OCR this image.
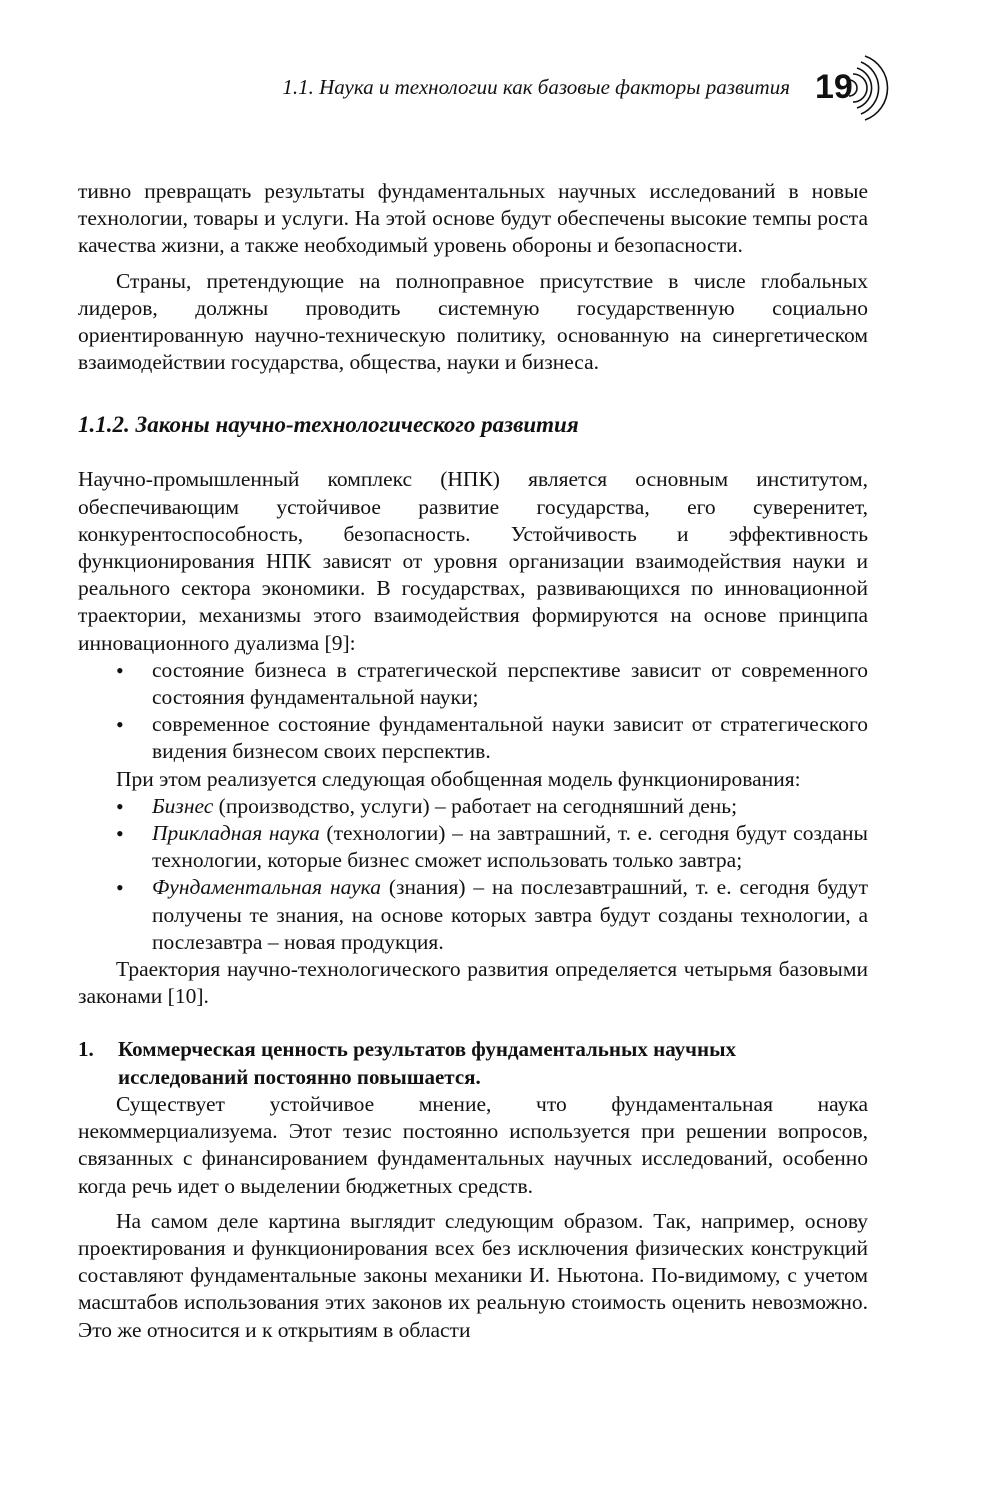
1.1. Наука и технологии как базовые факторы развития 19

тивно превращать результаты фундаментальных научных исследований в новые технологии, товары и услуги. На этой основе будут обеспечены высокие темпы роста качества жизни, а также необходимый уровень обороны и безопасности.

Страны, претендующие на полноправное присутствие в числе глобальных лидеров, должны проводить системную государственную социально ориентированную научно-техническую политику, основанную на синергетическом взаимодействии государства, общества, науки и бизнеса.

1.1.2. Законы научно-технологического развития

Научно-промышленный комплекс (НПК) является основным институтом, обеспечивающим устойчивое развитие государства, его суверенитет, конкурентоспособность, безопасность. Устойчивость и эффективность функционирования НПК зависят от уровня организации взаимодействия науки и реального сектора экономики. В государствах, развивающихся по инновационной траектории, механизмы этого взаимодействия формируются на основе принципа инновационного дуализма [9]:

• состояние бизнеса в стратегической перспективе зависит от современного состояния фундаментальной науки;
• современное состояние фундаментальной науки зависит от стратегического видения бизнесом своих перспектив.

При этом реализуется следующая обобщенная модель функционирования:

• Бизнес (производство, услуги) – работает на сегодняшний день;
• Прикладная наука (технологии) – на завтрашний, т. е. сегодня будут созданы технологии, которые бизнес сможет использовать только завтра;
• Фундаментальная наука (знания) – на послезавтрашний, т. е. сегодня будут получены те знания, на основе которых завтра будут созданы технологии, а послезавтра – новая продукция.

Траектория научно-технологического развития определяется четырьмя базовыми законами [10].

1. Коммерческая ценность результатов фундаментальных научных исследований постоянно повышается.

Существует устойчивое мнение, что фундаментальная наука некоммерциализуема. Этот тезис постоянно используется при решении вопросов, связанных с финансированием фундаментальных научных исследований, особенно когда речь идет о выделении бюджетных средств.

На самом деле картина выглядит следующим образом. Так, например, основу проектирования и функционирования всех без исключения физических конструкций составляют фундаментальные законы механики И. Ньютона. По-видимому, с учетом масштабов использования этих законов их реальную стоимость оценить невозможно. Это же относится и к открытиям в области
